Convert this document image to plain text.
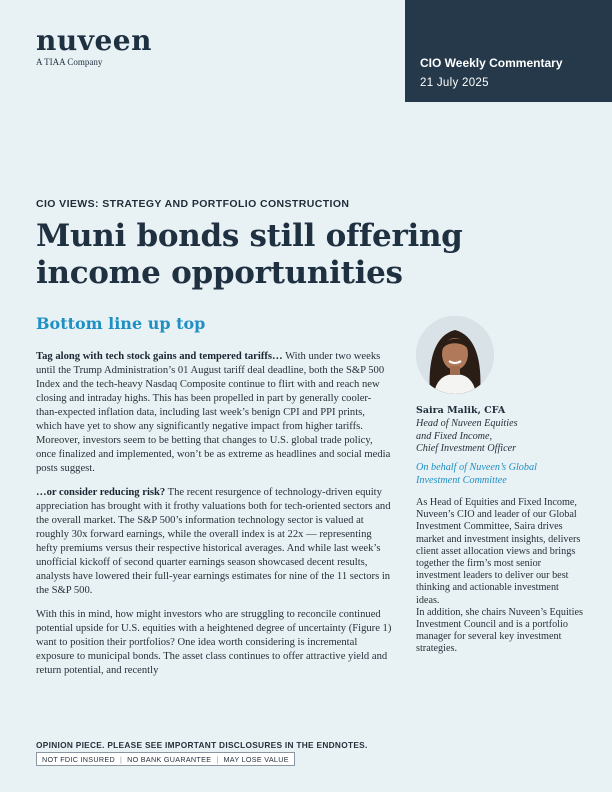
nuveen
A TIAA Company	CIO Weekly Commentary
21 July 2025
CIO VIEWS: STRATEGY AND PORTFOLIO CONSTRUCTION
Muni bonds still offering
income opportunities
Bottom line up top

Tag along with tech stock gains and tempered tariffs… With under two weeks until the Trump Administration’s 01 August tariff deal deadline, both the S&P 500 Index and the tech-heavy Nasdaq Composite continue to flirt with and reach new closing and intraday highs. This has been propelled in part by generally cooler-than-expected inflation data, including last week’s benign CPI and PPI prints, which have yet to show any significantly negative impact from higher tariffs. Moreover, investors seem to be betting that changes to U.S. global trade policy, once finalized and implemented, won’t be as extreme as headlines and social media posts suggest.

…or consider reducing risk? The recent resurgence of technology-driven equity appreciation has brought with it frothy valuations both for tech-oriented sectors and the overall market. The S&P 500’s information technology sector is valued at roughly 30x forward earnings, while the overall index is at 22x — representing hefty premiums versus their respective historical averages. And while last week’s unofficial kickoff of second quarter earnings season showcased decent results, analysts have lowered their full-year earnings estimates for nine of the 11 sectors in the S&P 500.

With this in mind, how might investors who are struggling to reconcile continued potential upside for U.S. equities with a heightened degree of uncertainty (Figure 1) want to position their portfolios? One idea worth considering is incremental exposure to municipal bonds. The asset class continues to offer attractive yield and return potential, and recently

Saira Malik, CFA
Head of Nuveen Equities
and Fixed Income,
Chief Investment Officer
On behalf of Nuveen’s Global
Investment Committee

As Head of Equities and Fixed Income, Nuveen’s CIO and leader of our Global Investment Committee, Saira drives market and investment insights, delivers client asset allocation views and brings together the firm’s most senior investment leaders to deliver our best thinking and actionable investment ideas.

In addition, she chairs Nuveen’s Equities Investment Council and is a portfolio manager for several key investment strategies.

OPINION PIECE. PLEASE SEE IMPORTANT DISCLOSURES IN THE ENDNOTES.
NOT FDIC INSURED | NO BANK GUARANTEE | MAY LOSE VALUE
